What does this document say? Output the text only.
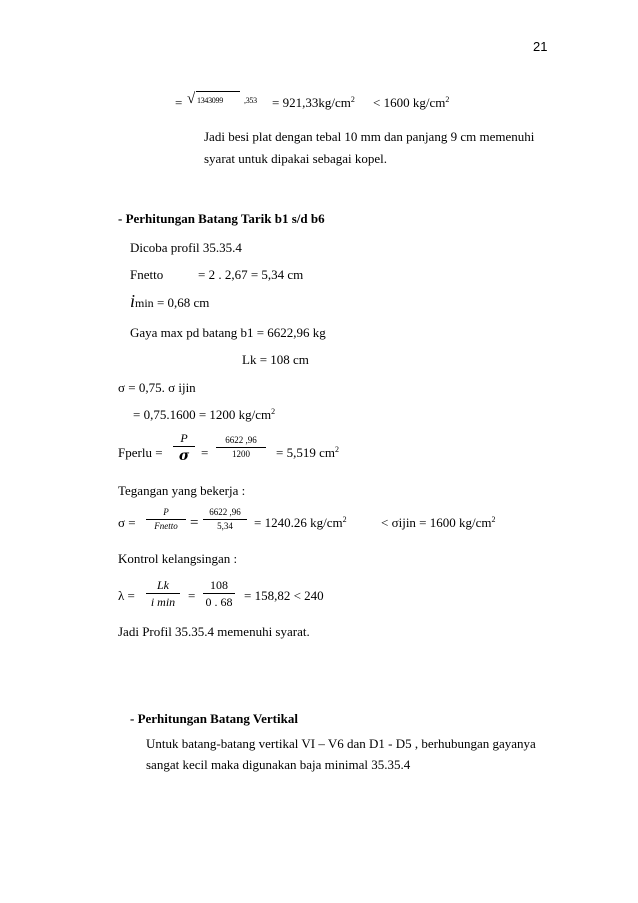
21
= √ 1343099	$,353 = 921,33kg/cm^2 < 1600$ $kg/cm^2$
Jadi besi plat dengan tebal 10 mm dan panjang 9 cm memenuhi
syarat untuk dipakai sebagai kopel.
- Perhitungan Batang Tarik b1 s/d b6
Dicoba profil 35.35.4
Fnetto	= 2 . 2,67 = 5,34 cm
imin = 0,68 cm
Gaya max pd batang b1 = 6622,96 kg
Lk = 108 cm
σ = 0,75. σ ijin
= 0,75.1600 = 1200 $kg/cm^2$
Fperlu =
P
σ =
6622 ,96
1200	= 5,519 $cm^2$
Tegangan yang bekerja :
σ =
P
Fnetto =
6622 ,96
5,34	= 1240.26 $kg/cm^2$	< σijin = 1600 $kg/cm^2$
Kontrol kelangsingan :
λ =
Lk
i min =
108
0 . 68 = 158,82 < 240
Jadi Profil 35.35.4 memenuhi syarat.
- Perhitungan Batang Vertikal
Untuk batang-batang vertikal VI – V6 dan D1 - D5 , berhubungan gayanya sangat kecil maka digunakan baja minimal 35.35.4
